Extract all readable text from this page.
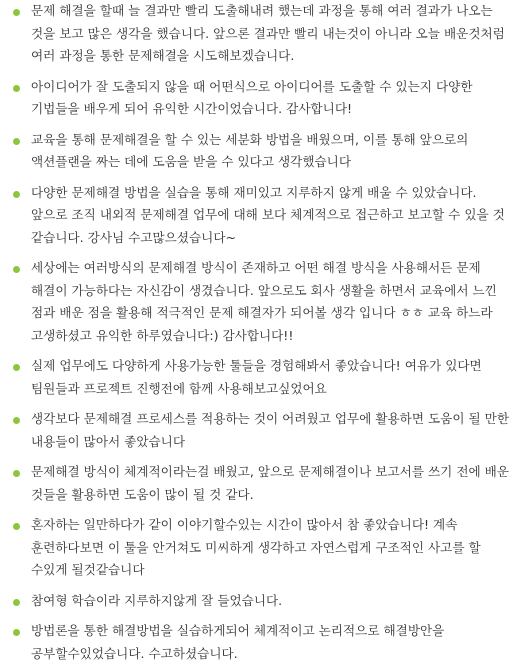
문제 해결을 할때 늘 결과만 빨리 도출해내려 했는데 과정을 통해 여러 결과가 나오는 것을 보고 많은 생각을 했습니다. 앞으론 결과만 빨리 내는것이 아니라 오늘 배운것처럼 여러 과정을 통한 문제해결을 시도해보겠습니다.

아이디어가 잘 도출되지 않을 때 어떤식으로 아이디어를 도출할 수 있는지 다양한 기법들을 배우게 되어 유익한 시간이었습니다. 감사합니다!

교육을 통해 문제해결을 할 수 있는 세분화 방법을 배웠으며, 이를 통해 앞으로의 액션플랜을 짜는 데에 도움을 받을 수 있다고 생각했습니다

다양한 문제해결 방법을 실습을 통해 재미있고 지루하지 않게 배울 수 있았습니다. 앞으로 조직 내외적 문제해결 업무에 대해 보다 체계적으로 접근하고 보고할 수 있을 것 같습니다. 강사님 수고많으셨습니다~

세상에는 여러방식의 문제해결 방식이 존재하고 어떤 해결 방식을 사용해서든 문제 해결이 가능하다는 자신감이 생겼습니다. 앞으로도 회사 생활을 하면서 교육에서 느낀 점과 배운 점을 활용해 적극적인 문제 해결자가 되어볼 생각 입니다 ㅎㅎ 교육 하느라 고생하셨고 유익한 하루였습니다:) 감사합니다!!

실제 업무에도 다양하게 사용가능한 툴들을 경험해봐서 좋았습니다! 여유가 있다면 팀원들과 프로젝트 진행전에 함께 사용해보고싶었어요

생각보다 문제해결 프로세스를 적용하는 것이 어려웠고 업무에 활용하면 도움이 될 만한 내용들이 많아서 좋았습니다

문제해결 방식이 체계적이라는걸 배웠고, 앞으로 문제해결이나 보고서를 쓰기 전에 배운 것들을 활용하면 도움이 많이 될 것 같다.

혼자하는 일만하다가 같이 이야기할수있는 시간이 많아서 참 좋았습니다! 계속 훈련하다보면 이 툴을 안거쳐도 미씨하게 생각하고 자연스럽게 구조적인 사고를 할 수있게 될것같습니다

참여형 학습이라 지루하지않게 잘 들었습니다.

방법론을 통한 해결방법을 실습하게되어 체계적이고 논리적으로 해결방안을 공부할수있었습니다. 수고하셨습니다.
